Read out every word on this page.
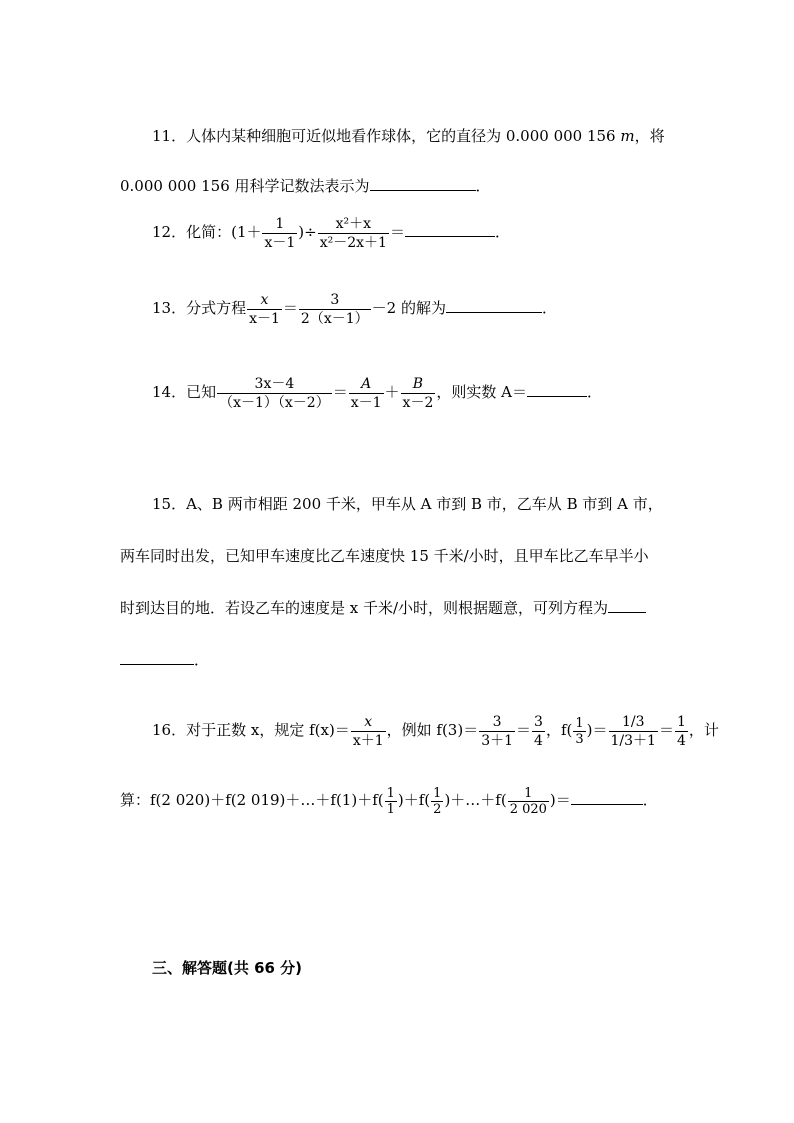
11．人体内某种细胞可近似地看作球体，它的直径为 0.000 000 156 m，将
0.000 000 156 用科学记数法表示为	．
12．化简：($1+ \frac{1}{x-1}$ )÷ $\frac{\text{x²＋x}}{\text{x²－2x＋1}}$ ＝	．
13．分式方程 $\frac{x}{x-1} = \frac{3}{2(x-1)} -2$ 的解为	．
14．已知 $\frac{3x-4}{(x-1)(x-2)} = \frac{A}{x-1} + \frac{B}{x-2}$ ，则实数 A＝	．
15．A、B 两市相距 200 千米，甲车从 A 市到 B 市，乙车从 B 市到 A 市，
两车同时出发，已知甲车速度比乙车速度快 15 千米/小时，且甲车比乙车早半小
时到达目的地．若设乙车的速度是 x 千米/小时，则根据题意，可列方程为
．
16．对于正数 x，规定 $f(x)= \frac{x}{x+1}$ ，例如 $f(3)= \frac{3}{3+1} = \frac{3}{4}$ ，$f( \frac{1}{3}$ )＝ $\frac{1/3}{1/3+1} = \frac{1}{4}$ ，计
算：f(2 020)＋f(2 019)＋…＋f(1)＋f( $\frac{1}{1} )+f( \frac{1}{2}$ )＋…＋f( $\frac{1}{2 020}$ )＝	．
三、解答题(共 66 分)
